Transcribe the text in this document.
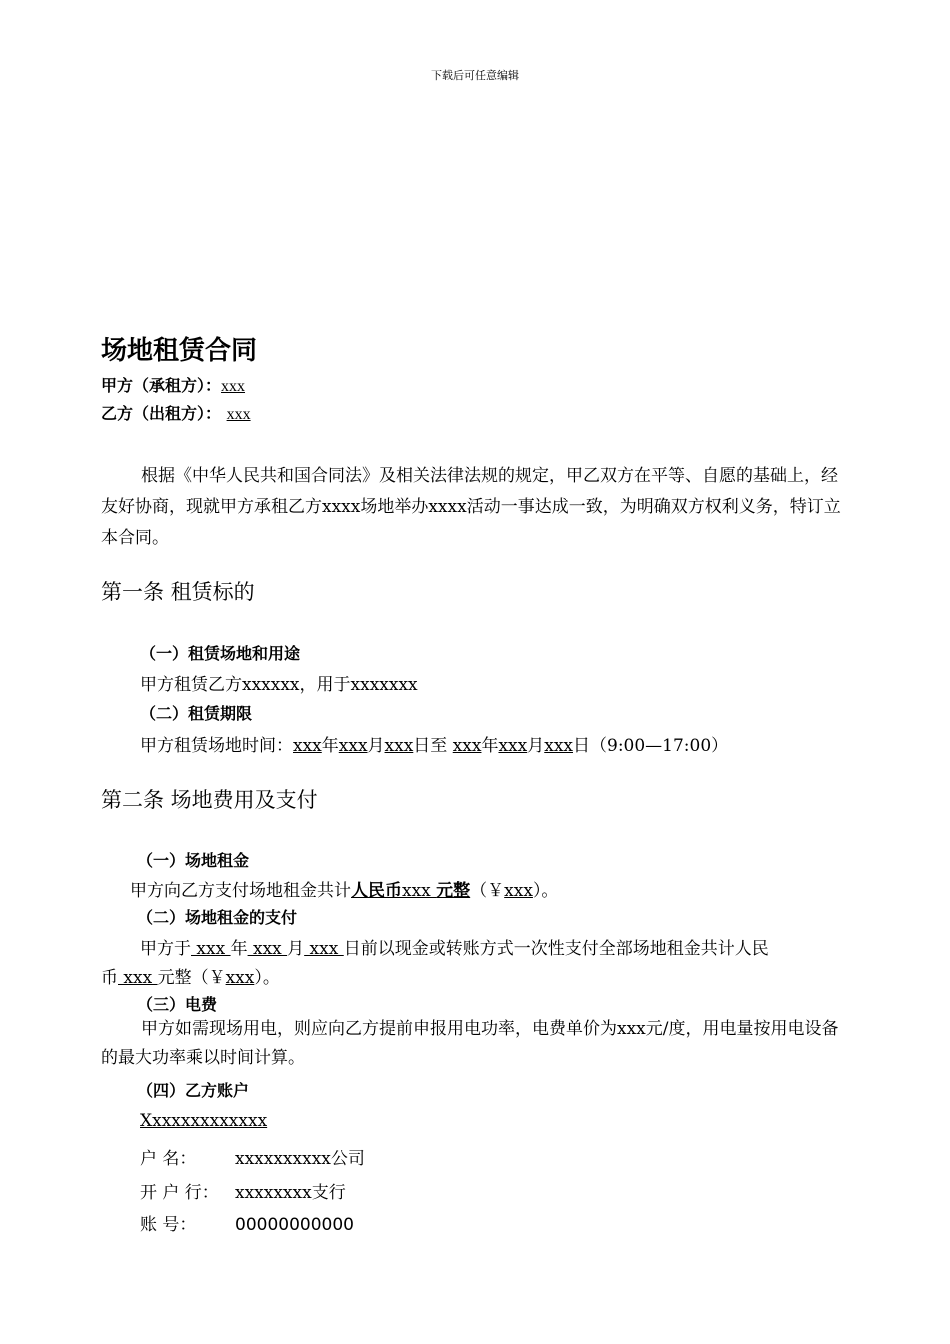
下载后可任意编辑
场地租赁合同
甲方（承租方）：xxx
乙方（出租方）： xxx
根据《中华人民共和国合同法》及相关法律法规的规定，甲乙双方在平等、自愿的基础上，经友好协商，现就甲方承租乙方xxxx场地举办xxxx活动一事达成一致，为明确双方权利义务，特订立本合同。
第一条 租赁标的
（一）租赁场地和用途
甲方租赁乙方xxxxxx，用于xxxxxxx
（二）租赁期限
甲方租赁场地时间：xxx年xxx月xxx日至 xxx年xxx月xxx日（9:00—17:00）
第二条 场地费用及支付
（一）场地租金
甲方向乙方支付场地租金共计人民币xxx 元整（￥xxx）。
（二）场地租金的支付
甲方于 xxx 年 xxx 月 xxx 日前以现金或转账方式一次性支付全部场地租金共计人民
币 xxx 元整（￥xxx）。
（三）电费
甲方如需现场用电，则应向乙方提前申报用电功率，电费单价为xxx元/度，用电量按用电设备的最大功率乘以时间计算。
（四）乙方账户
Xxxxxxxxxxxxx
户 名： xxxxxxxxxx公司
开 户 行： xxxxxxxx支行
账 号： 00000000000
